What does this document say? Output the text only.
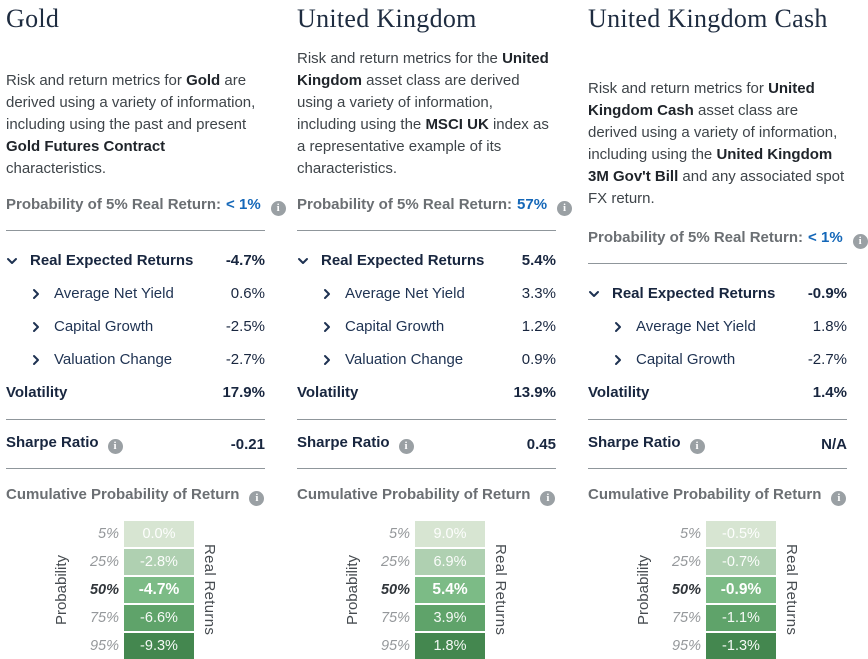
Gold

Risk and return metrics for Gold are derived using a variety of information, including using the past and present Gold Futures Contract characteristics.

Probability of 5% Real Return: < 1% i
Real Expected Returns -4.7%
Average Net Yield	0.6%
Capital Growth	-2.5%
Valuation Change	-2.7%
Volatility	17.9%
Sharpe Ratio i	-0.21
Cumulative Probability of Return i
Probability
5%	0.0%
25%	-2.8%
50%	-4.7%
75%	-6.6%
95%	-9.3%
Real Returns
United Kingdom

Risk and return metrics for the United Kingdom asset class are derived using a variety of information, including using the MSCI UK index as a representative example of its characteristics.

Probability of 5% Real Return: 57% i
Real Expected Returns 5.4%
Average Net Yield	3.3%
Capital Growth	1.2%
Valuation Change	0.9%
Volatility	13.9%
Sharpe Ratio i	0.45
Cumulative Probability of Return i
Probability
5%	9.0%
25%	6.9%
50%	5.4%
75%	3.9%
95%	1.8%
Real Returns
United Kingdom Cash

Risk and return metrics for United Kingdom Cash asset class are derived using a variety of information, including using the United Kingdom 3M Gov't Bill and any associated spot FX return.

Probability of 5% Real Return: < 1% i
Real Expected Returns -0.9%
Average Net Yield	1.8%
Capital Growth	-2.7%
Volatility	1.4%
Sharpe Ratio i	N/A
Cumulative Probability of Return i
Probability
5%	-0.5%
25%	-0.7%
50%	-0.9%
75%	-1.1%
95%	-1.3%
Real Returns
